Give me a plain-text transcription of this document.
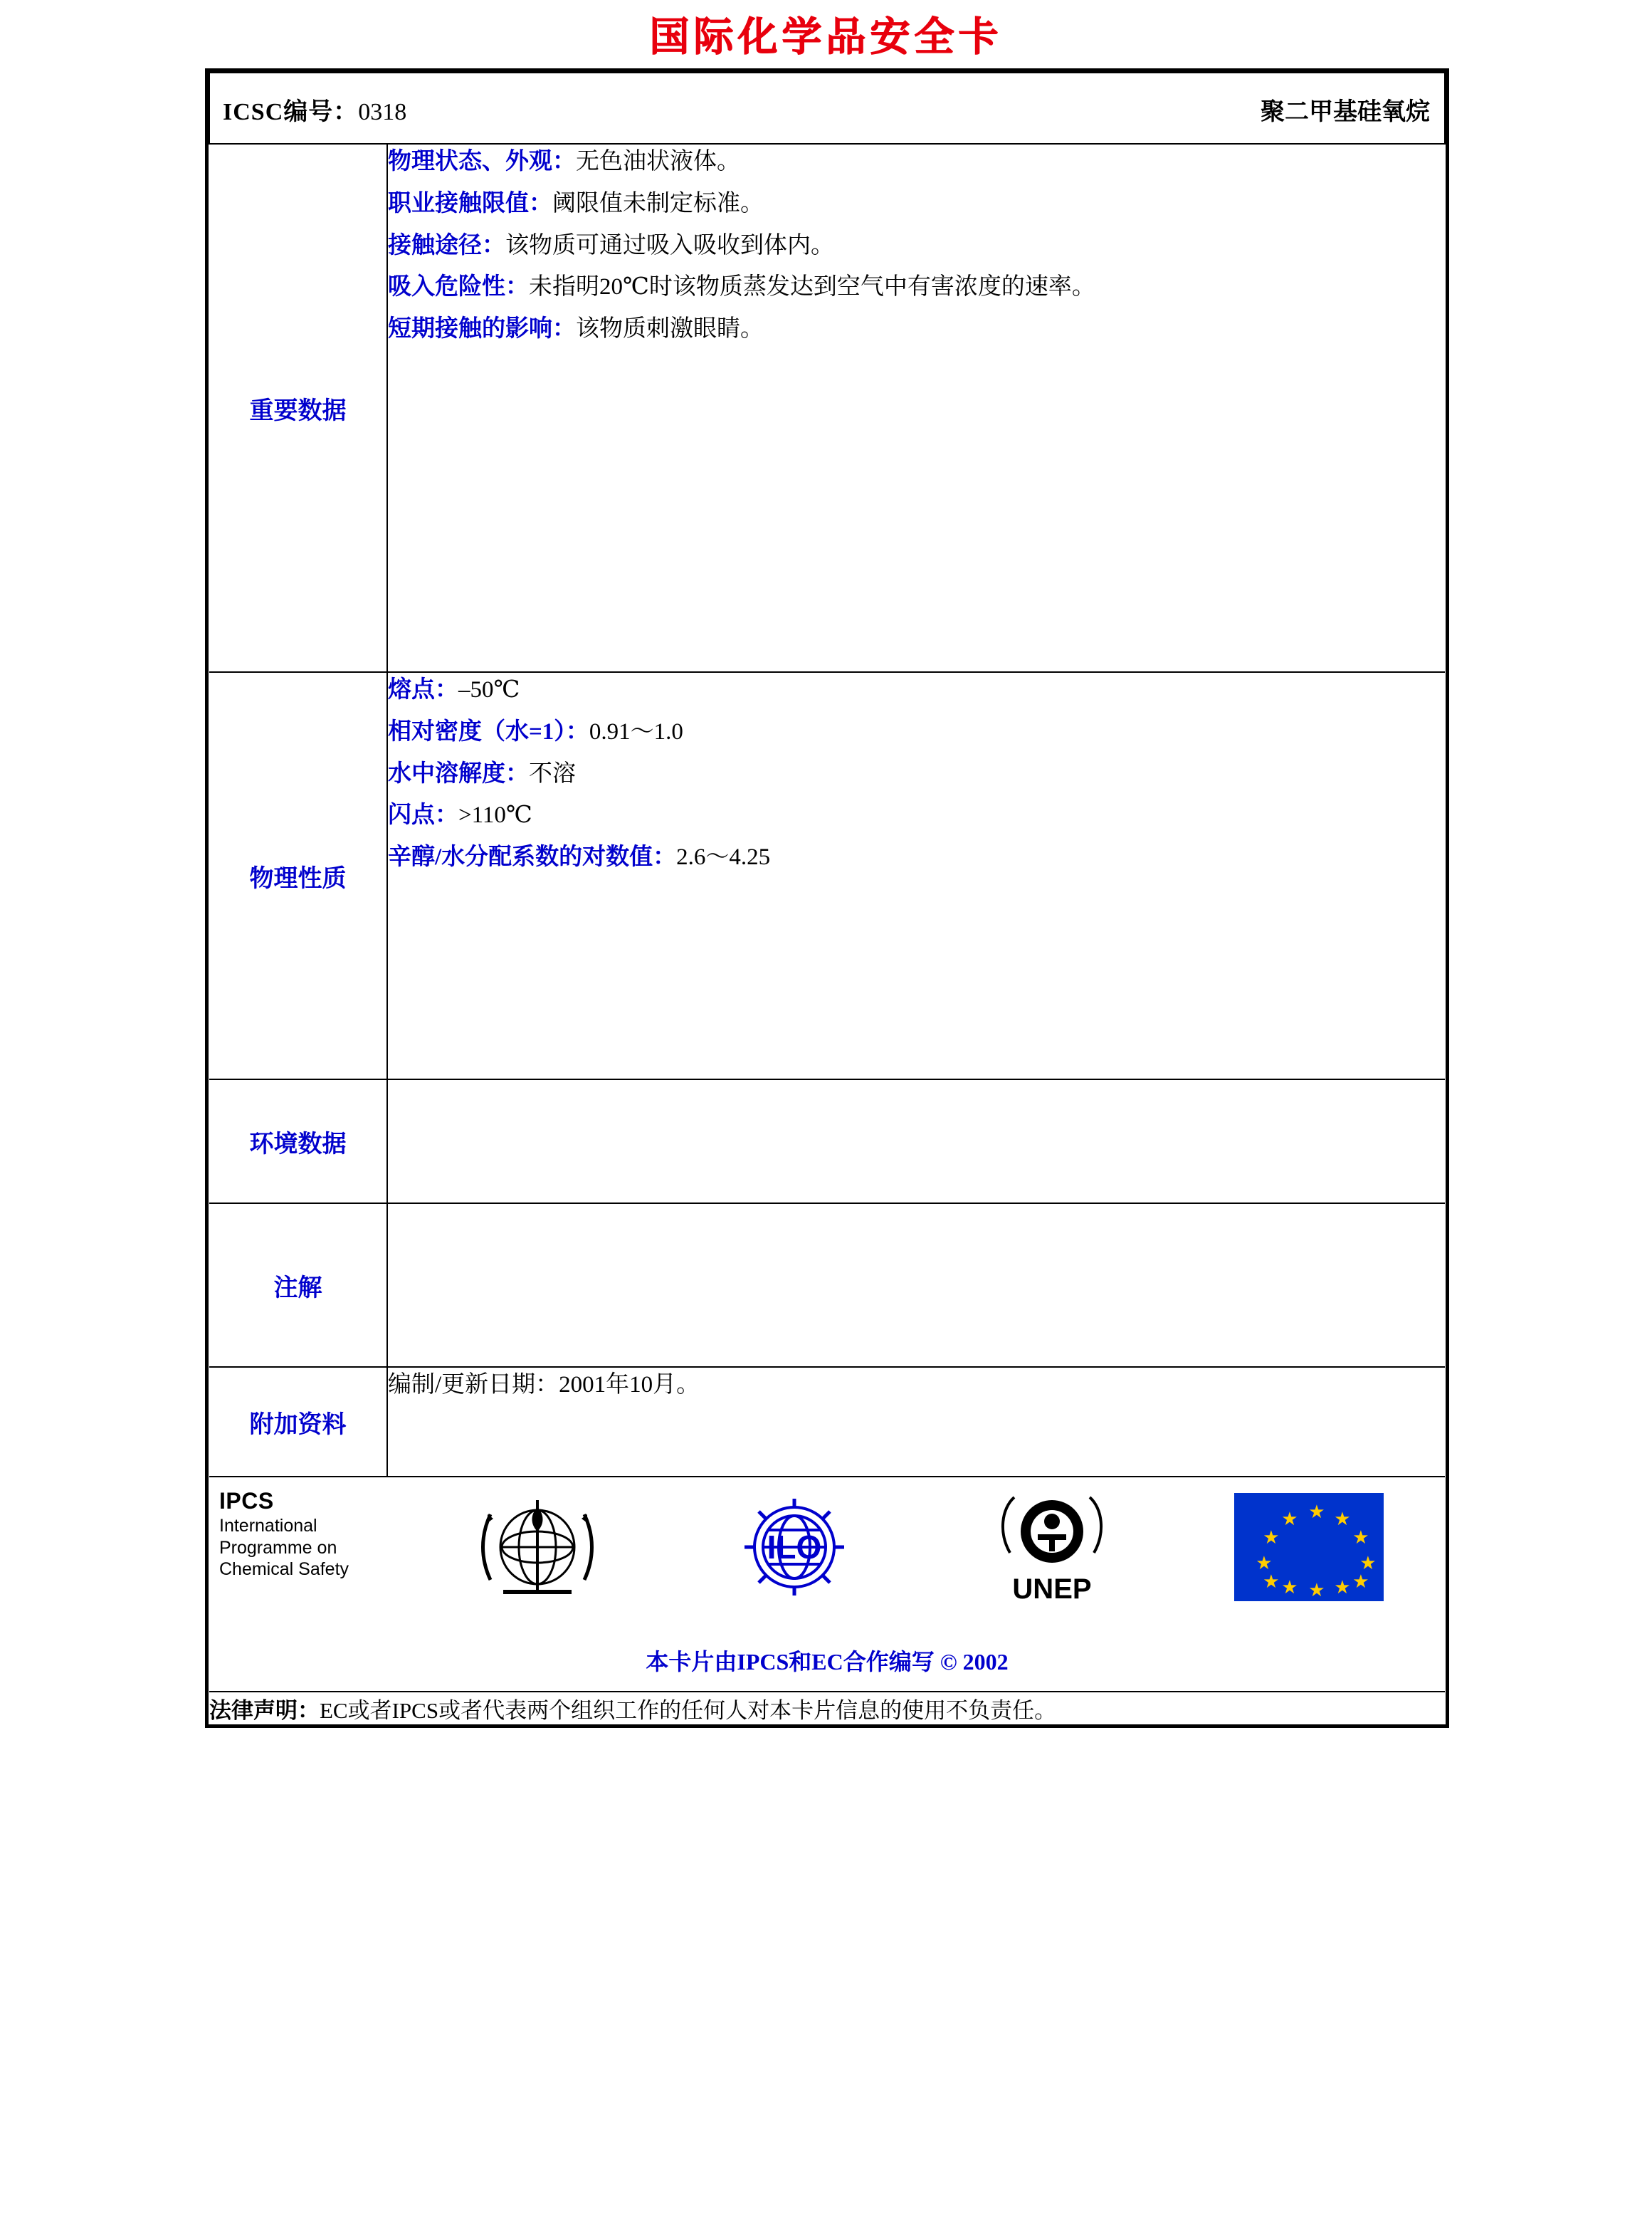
国际化学品安全卡
ICSC编号：0318 聚二甲基硅氧烷	

重要数据	物理状态、外观：无色油状液体。

职业接触限值：阈限值未制定标准。

接触途径：该物质可通过吸入吸收到体内。

吸入危险性：未指明20℃时该物质蒸发达到空气中有害浓度的速率。

短期接触的影响：该物质刺激眼睛。

物理性质	熔点：–50℃

相对密度（水=1）：0.91～1.0

水中溶解度：不溶

闪点：>110℃

辛醇/水分配系数的对数值：2.6～4.25

环境数据	

注解	

附加资料	编制/更新日期：2001年10月。

IPCS
International
Programme on
Chemical Safety
ILO
UNEP
★ ★
★
★
★
★
★
★
★
★
★
★
本卡片由IPCS和EC合作编写 © 2002

法律声明：EC或者IPCS或者代表两个组织工作的任何人对本卡片信息的使用不负责任。	
